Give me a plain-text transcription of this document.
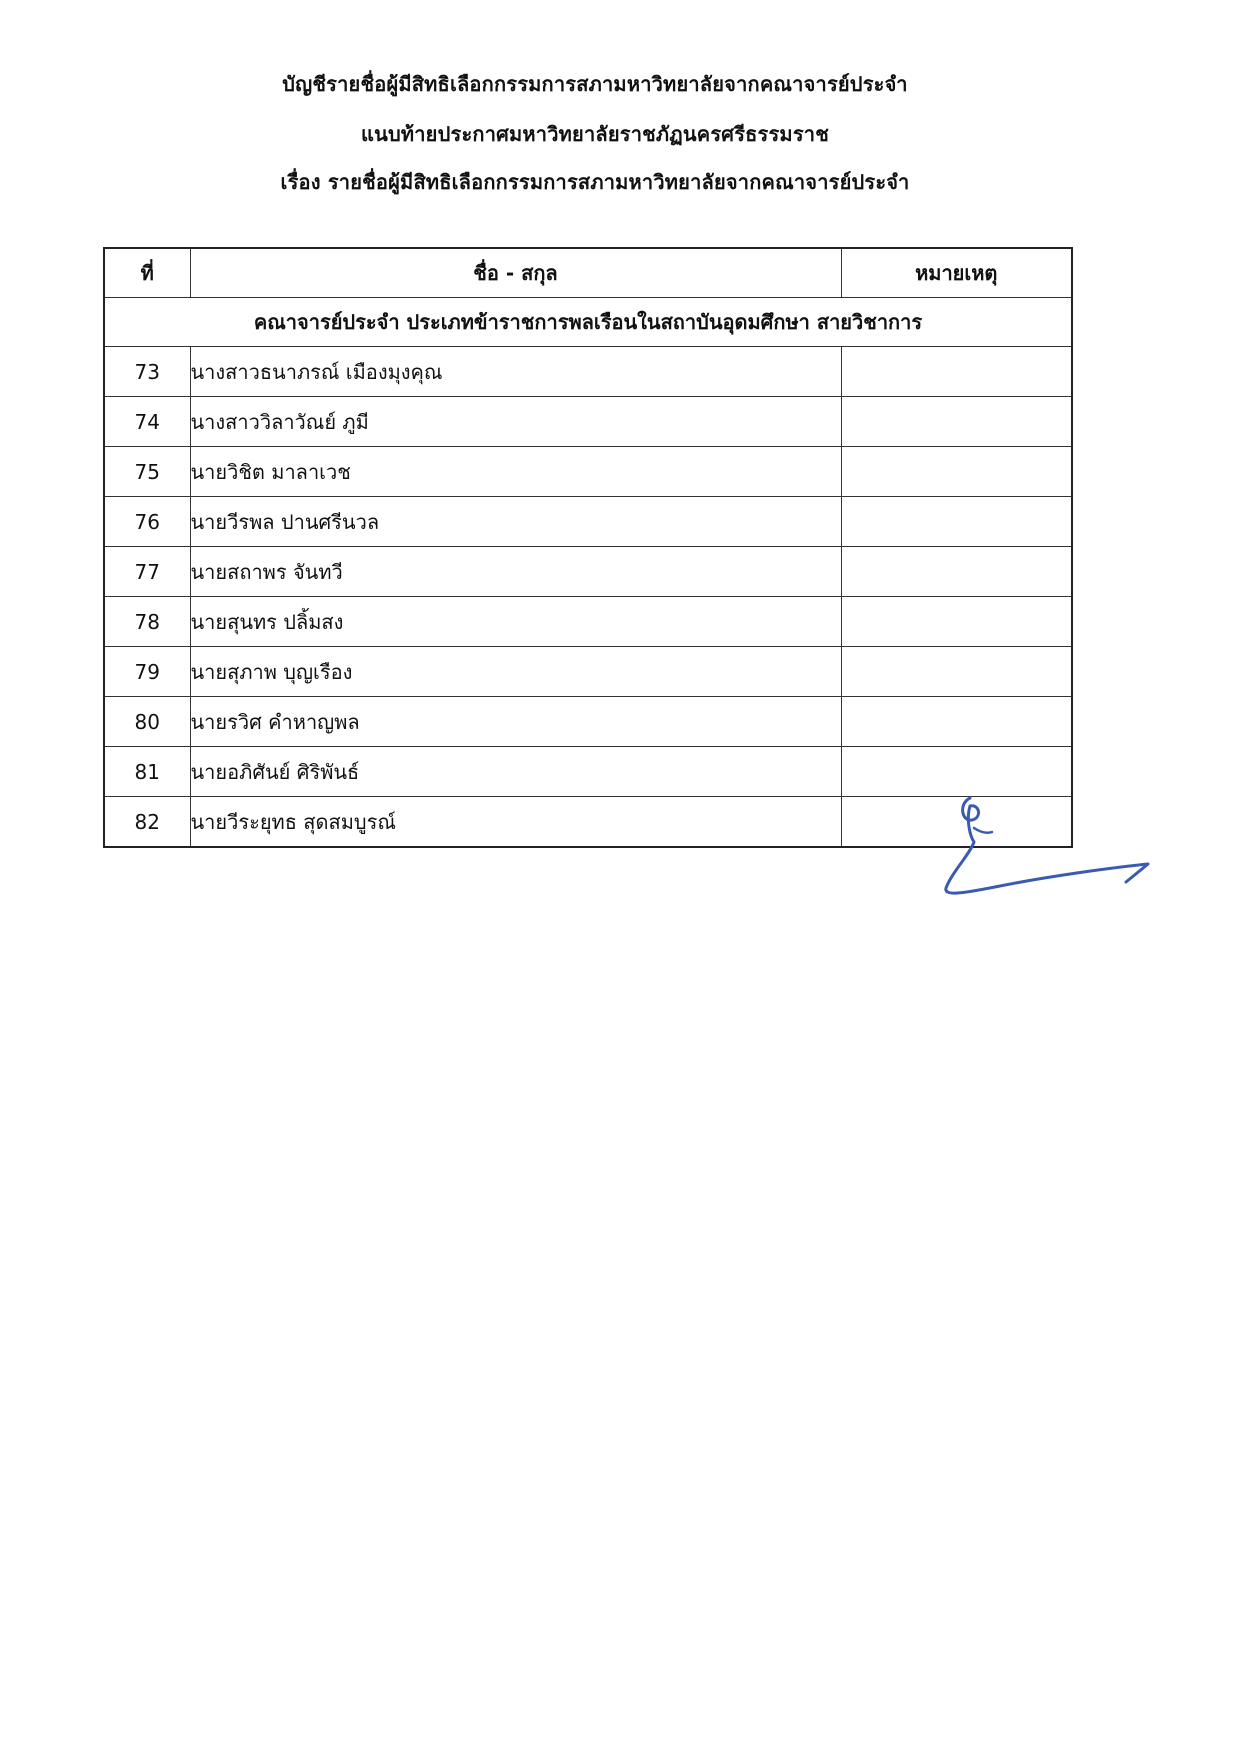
บัญชีรายชื่อผู้มีสิทธิเลือกกรรมการสภามหาวิทยาลัยจากคณาจารย์ประจำ
แนบท้ายประกาศมหาวิทยาลัยราชภัฏนครศรีธรรมราช
เรื่อง รายชื่อผู้มีสิทธิเลือกกรรมการสภามหาวิทยาลัยจากคณาจารย์ประจำ
ที่	ชื่อ - สกุล	หมายเหตุ
คณาจารย์ประจำ ประเภทข้าราชการพลเรือนในสถาบันอุดมศึกษา สายวิชาการ		
73	นางสาวธนาภรณ์ เมืองมุงคุณ	
74	นางสาววิลาวัณย์ ภูมี	
75	นายวิชิต มาลาเวช	
76	นายวีรพล ปานศรีนวล	
77	นายสถาพร จันทวี	
78	นายสุนทร ปลิ้มสง	
79	นายสุภาพ บุญเรือง	
80	นายรวิศ คำหาญพล	
81	นายอภิศันย์ ศิริพันธ์	
82	นายวีระยุทธ สุดสมบูรณ์	
